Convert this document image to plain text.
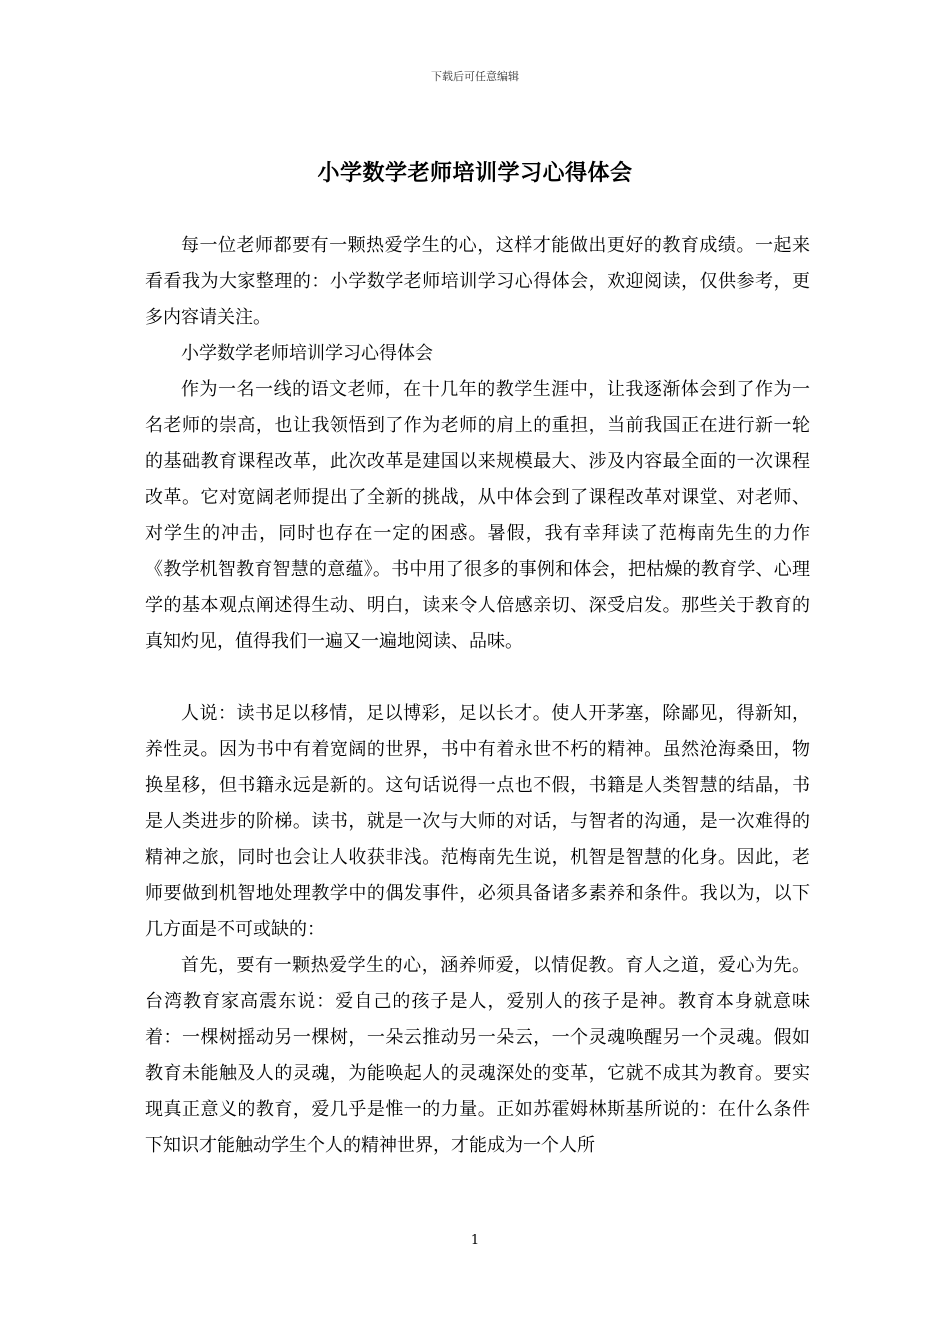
下载后可任意编辑
小学数学老师培训学习心得体会

每一位老师都要有一颗热爱学生的心，这样才能做出更好的教育成绩。一起来看看我为大家整理的：小学数学老师培训学习心得体会，欢迎阅读，仅供参考，更多内容请关注。

小学数学老师培训学习心得体会

作为一名一线的语文老师，在十几年的教学生涯中，让我逐渐体会到了作为一名老师的崇高，也让我领悟到了作为老师的肩上的重担，当前我国正在进行新一轮的基础教育课程改革，此次改革是建国以来规模最大、涉及内容最全面的一次课程改革。它对宽阔老师提出了全新的挑战，从中体会到了课程改革对课堂、对老师、对学生的冲击，同时也存在一定的困惑。暑假，我有幸拜读了范梅南先生的力作《教学机智教育智慧的意蕴》。书中用了很多的事例和体会，把枯燥的教育学、心理学的基本观点阐述得生动、明白，读来令人倍感亲切、深受启发。那些关于教育的真知灼见，值得我们一遍又一遍地阅读、品味。

人说：读书足以移情，足以博彩，足以长才。使人开茅塞，除鄙见，得新知，养性灵。因为书中有着宽阔的世界，书中有着永世不朽的精神。虽然沧海桑田，物换星移，但书籍永远是新的。这句话说得一点也不假，书籍是人类智慧的结晶，书是人类进步的阶梯。读书，就是一次与大师的对话，与智者的沟通，是一次难得的精神之旅，同时也会让人收获非浅。范梅南先生说，机智是智慧的化身。因此，老师要做到机智地处理教学中的偶发事件，必须具备诸多素养和条件。我以为，以下几方面是不可或缺的：

首先，要有一颗热爱学生的心，涵养师爱，以情促教。育人之道，爱心为先。台湾教育家高震东说：爱自己的孩子是人，爱别人的孩子是神。教育本身就意味着：一棵树摇动另一棵树，一朵云推动另一朵云，一个灵魂唤醒另一个灵魂。假如教育未能触及人的灵魂，为能唤起人的灵魂深处的变革，它就不成其为教育。要实现真正意义的教育，爱几乎是惟一的力量。正如苏霍姆林斯基所说的：在什么条件下知识才能触动学生个人的精神世界，才能成为一个人所

1
